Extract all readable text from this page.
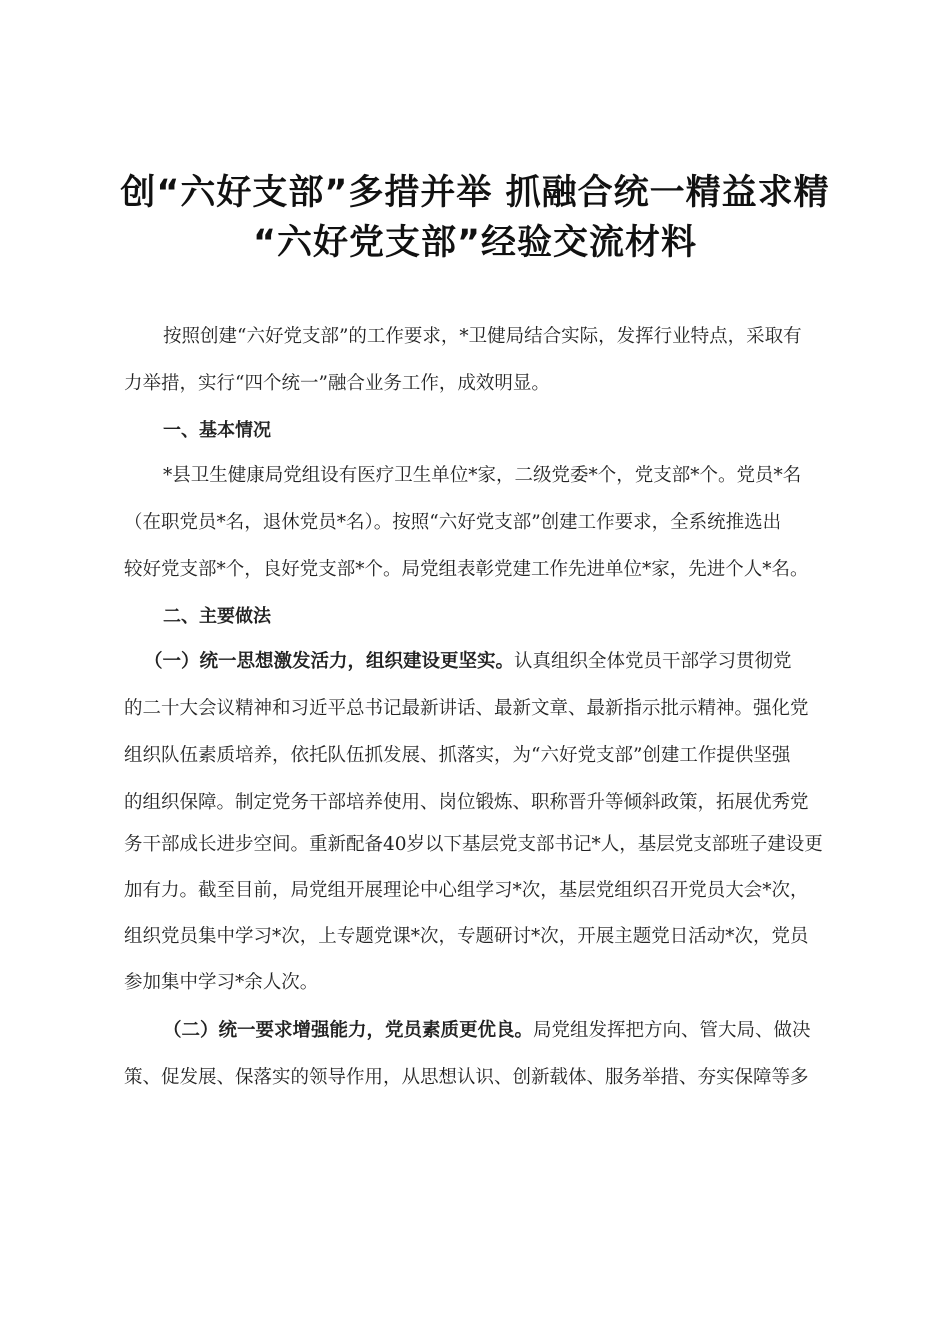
创“六好支部”多措并举 抓融合统一精益求精
“六好党支部”经验交流材料
按照创建“六好党支部”的工作要求，*卫健局结合实际，发挥行业特点，采取有
力举措，实行“四个统一”融合业务工作，成效明显。
一、基本情况
*县卫生健康局党组设有医疗卫生单位*家，二级党委*个，党支部*个。党员*名
（在职党员*名，退休党员*名）。按照“六好党支部”创建工作要求，全系统推选出
较好党支部*个，良好党支部*个。局党组表彰党建工作先进单位*家，先进个人*名。
二、主要做法
（一）统一思想激发活力，组织建设更坚实。认真组织全体党员干部学习贯彻党
的二十大会议精神和习近平总书记最新讲话、最新文章、最新指示批示精神。强化党
组织队伍素质培养，依托队伍抓发展、抓落实，为“六好党支部”创建工作提供坚强
的组织保障。制定党务干部培养使用、岗位锻炼、职称晋升等倾斜政策，拓展优秀党
务干部成长进步空间。重新配备40岁以下基层党支部书记*人，基层党支部班子建设更
加有力。截至目前，局党组开展理论中心组学习*次，基层党组织召开党员大会*次，
组织党员集中学习*次，上专题党课*次，专题研讨*次，开展主题党日活动*次，党员
参加集中学习*余人次。
（二）统一要求增强能力，党员素质更优良。局党组发挥把方向、管大局、做决
策、促发展、保落实的领导作用，从思想认识、创新载体、服务举措、夯实保障等多
